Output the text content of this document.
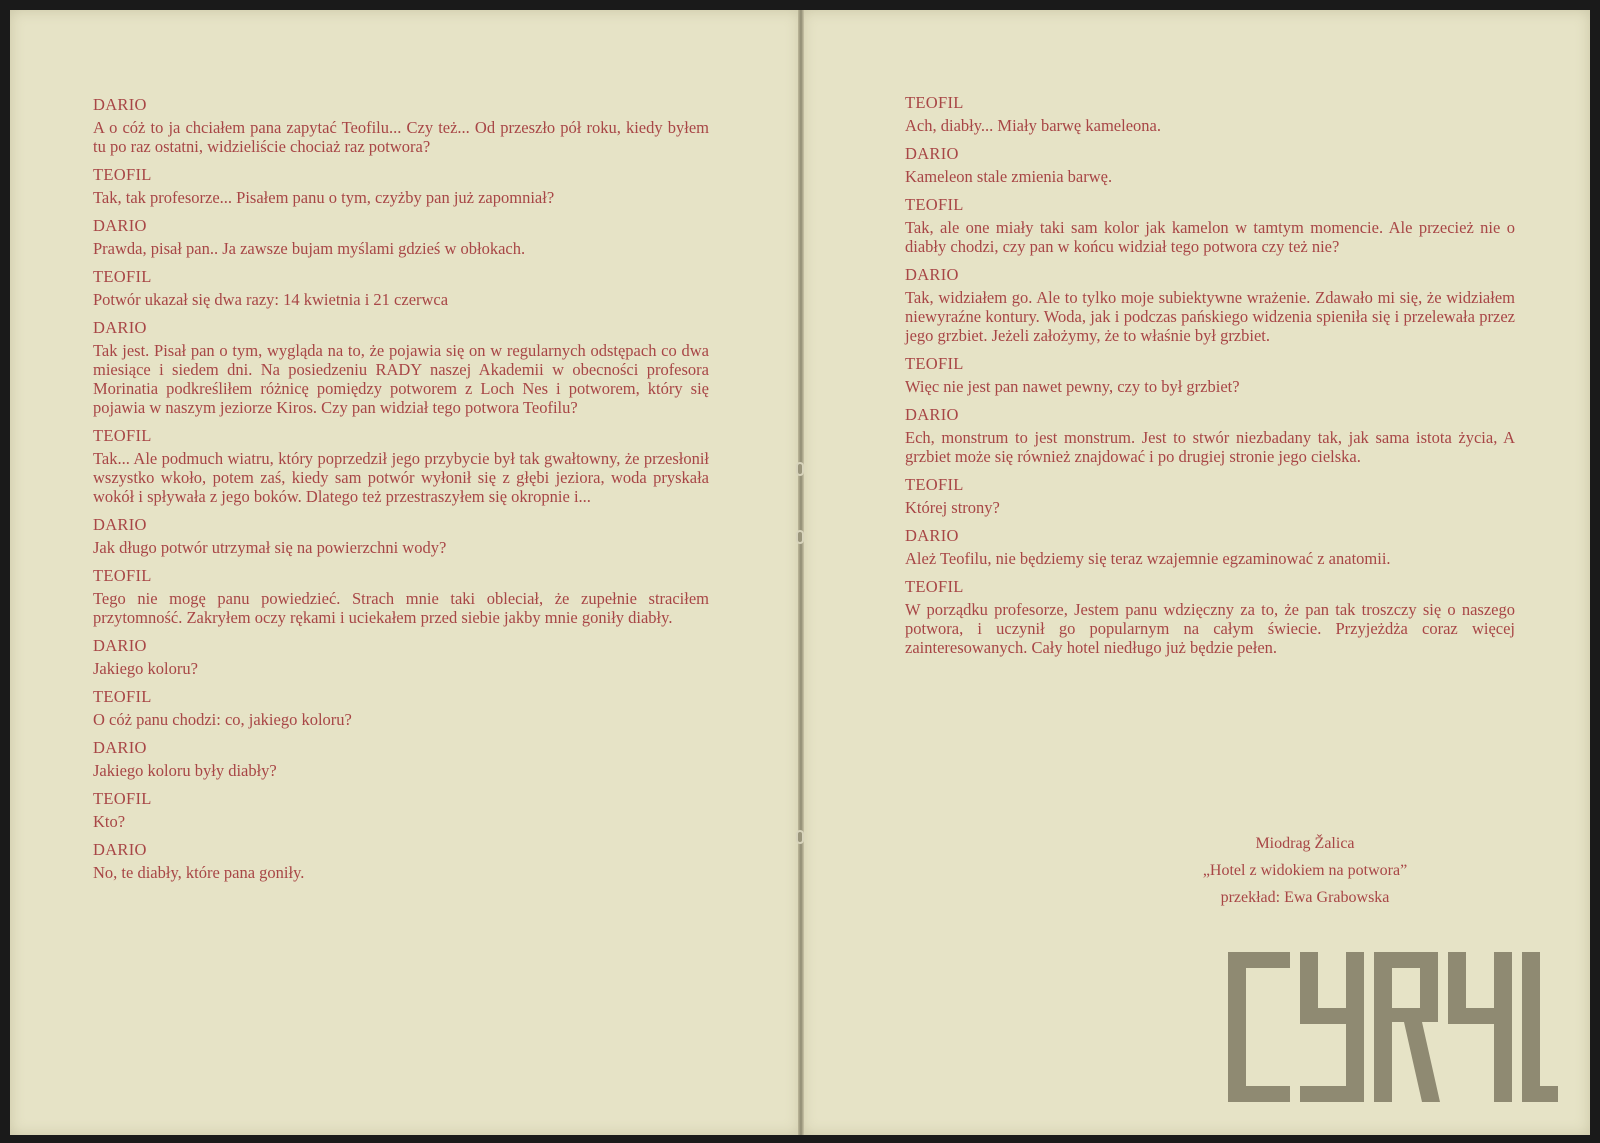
DARIO
A o cóż to ja chciałem pana zapytać Teofilu... Czy też... Od przeszło pół roku, kiedy byłem tu po raz ostatni, widzieliście chociaż raz potwora?
TEOFIL
Tak, tak profesorze... Pisałem panu o tym, czyżby pan już zapomniał?
DARIO
Prawda, pisał pan.. Ja zawsze bujam myślami gdzieś w obłokach.
TEOFIL
Potwór ukazał się dwa razy: 14 kwietnia i 21 czerwca
DARIO
Tak jest. Pisał pan o tym, wygląda na to, że pojawia się on w regularnych odstępach co dwa miesiące i siedem dni. Na posiedzeniu RADY naszej Akademii w obecności profesora Morinatia podkreśliłem różnicę pomiędzy potworem z Loch Nes i potworem, który się pojawia w naszym jeziorze Kiros. Czy pan widział tego potwora Teofilu?
TEOFIL
Tak... Ale podmuch wiatru, który poprzedził jego przybycie był tak gwałtowny, że przesłonił wszystko wkoło, potem zaś, kiedy sam potwór wyłonił się z głębi jeziora, woda pryskała wokół i spływała z jego boków. Dlatego też przestraszyłem się okropnie i...
DARIO
Jak długo potwór utrzymał się na powierzchni wody?
TEOFIL
Tego nie mogę panu powiedzieć. Strach mnie taki obleciał, że zupełnie straciłem przytomność. Zakryłem oczy rękami i uciekałem przed siebie jakby mnie goniły diabły.
DARIO
Jakiego koloru?
TEOFIL
O cóż panu chodzi: co, jakiego koloru?
DARIO
Jakiego koloru były diabły?
TEOFIL
Kto?
DARIO
No, te diabły, które pana goniły.
TEOFIL
Ach, diabły... Miały barwę kameleona.
DARIO
Kameleon stale zmienia barwę.
TEOFIL
Tak, ale one miały taki sam kolor jak kamelon w tamtym momencie. Ale przecież nie o diabły chodzi, czy pan w końcu widział tego potwora czy też nie?
DARIO
Tak, widziałem go. Ale to tylko moje subiektywne wrażenie. Zdawało mi się, że widziałem niewyraźne kontury. Woda, jak i podczas pańskiego widzenia spieniła się i przelewała przez jego grzbiet. Jeżeli założymy, że to właśnie był grzbiet.
TEOFIL
Więc nie jest pan nawet pewny, czy to był grzbiet?
DARIO
Ech, monstrum to jest monstrum. Jest to stwór niezbadany tak, jak sama istota życia, A grzbiet może się również znajdować i po drugiej stronie jego cielska.
TEOFIL
Której strony?
DARIO
Ależ Teofilu, nie będziemy się teraz wzajemnie egzaminować z anatomii.
TEOFIL
W porządku profesorze, Jestem panu wdzięczny za to, że pan tak troszczy się o naszego potwora, i uczynił go popularnym na całym świecie. Przyjeżdża coraz więcej zainteresowanych. Cały hotel niedługo już będzie pełen.
Miodrag Žalica
„Hotel z widokiem na potwora”
przekład: Ewa Grabowska
